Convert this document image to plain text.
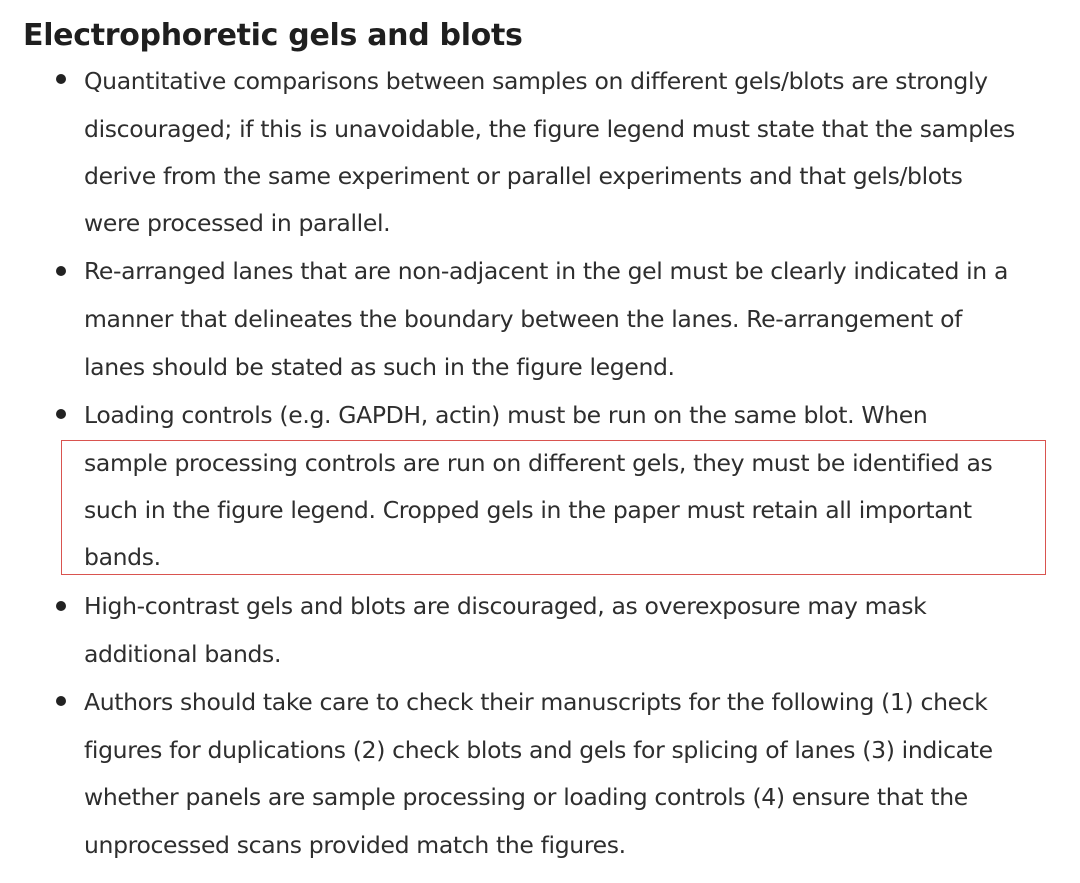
Electrophoretic gels and blots
Quantitative comparisons between samples on different gels/blots are strongly
discouraged; if this is unavoidable, the figure legend must state that the samples
derive from the same experiment or parallel experiments and that gels/blots
were processed in parallel.
Re-arranged lanes that are non-adjacent in the gel must be clearly indicated in a
manner that delineates the boundary between the lanes. Re-arrangement of
lanes should be stated as such in the figure legend.
Loading controls (e.g. GAPDH, actin) must be run on the same blot. When
sample processing controls are run on different gels, they must be identified as
such in the figure legend. Cropped gels in the paper must retain all important
bands.
High-contrast gels and blots are discouraged, as overexposure may mask
additional bands.
Authors should take care to check their manuscripts for the following (1) check
figures for duplications (2) check blots and gels for splicing of lanes (3) indicate
whether panels are sample processing or loading controls (4) ensure that the
unprocessed scans provided match the figures.
